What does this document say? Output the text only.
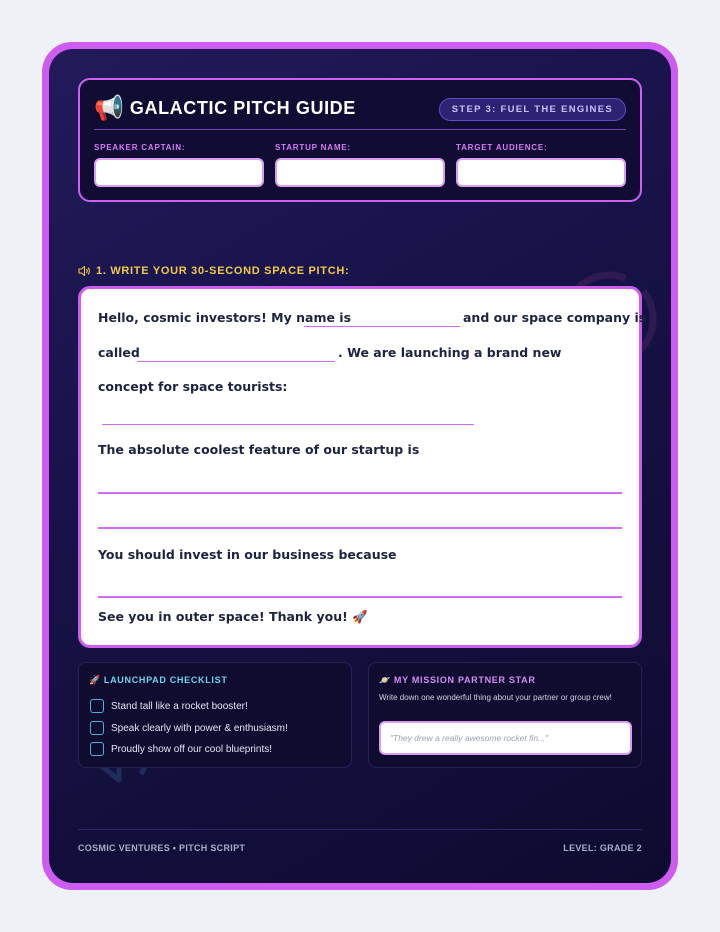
📢 GALACTIC PITCH GUIDE	STEP 3: FUEL THE ENGINES
SPEAKER CAPTAIN:	STARTUP NAME:	TARGET AUDIENCE:
1. WRITE YOUR 30-SECOND SPACE PITCH:
Hello, cosmic investors! My name is	and our space company is
called	. We are launching a brand new
concept for space tourists:
The absolute coolest feature of our startup is
You should invest in our business because
See you in outer space! Thank you! 🚀
🚀 LAUNCHPAD CHECKLIST
Stand tall like a rocket booster!
Speak clearly with power & enthusiasm!
Proudly show off our cool blueprints!
🪐 MY MISSION PARTNER STAR
Write down one wonderful thing about your partner or group crew!
"They drew a really awesome rocket fin..."
COSMIC VENTURES • PITCH SCRIPT	LEVEL: GRADE 2
